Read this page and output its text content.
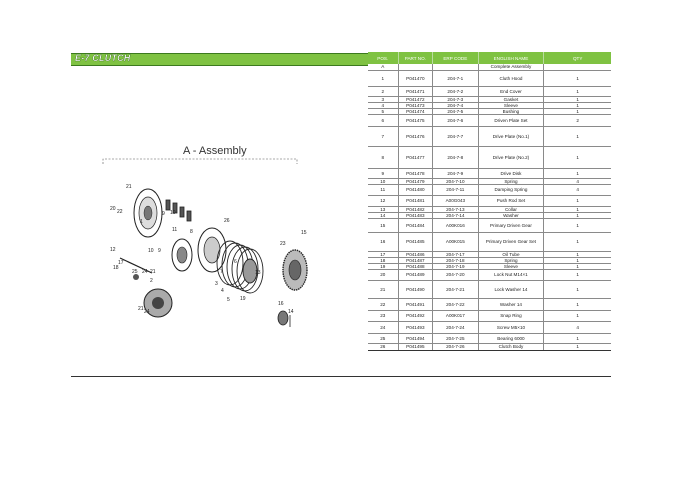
E-7 CLUTCH
A - Assembly
21
20 22
1
9 10
11	8
10 9
26
23
15
12
17
18
25 24 21	7
6
2	3
4
5 19
13
16
14
24
21
POS.	PART NO.	ERP CODE	ENGLISH NAME	QTY
A			Complete Assembly	
1	P041470	204-7-1	Cluth Hood	1
2	P041471	204-7-2	End Cover	1
3	P041472	204-7-3	Gasket	1
4	P041473	204-7-4	Sleeve	1
5	P041474	204-7-5	Bushing	1
6	P041475	204-7-6	Driven Plate Set	2
7	P041476	204-7-7	Drive Plate (No.1)	1
8	P041477	204-7-8	Drive Plate (No.2)	1
9	P041478	204-7-9	Drive Disk	1
10	P041479	204-7-10	Spring	4
11	P041480	204-7-11	Damping Spring	4
12	P041481	A00G043	Push Rod Set	1
13	P041482	204-7-13	Collar	1
14	P041483	204-7-14	Washer	1
15	P041484	A00K016	Primary Driven Gear	1
16	P041485	A00K015	Primary Driven Gear Set	1
17	P041486	204-7-17	Oil Tube	1
18	P041487	204-7-18	Spring	1
19	P041488	204-7-19	Sleeve	1
20	P041489	204-7-20	Lock Nut M14×1	1
21	P041490	204-7-21	Lock Washer 14	1
22	P041491	204-7-22	Washer 14	1
23	P041492	A00K017	Snap Ring	1
24	P041493	204-7-24	Screw M5×10	4
25	P041494	204-7-25	Bearing 6000	1
26	P041495	204-7-26	Clutch Body	1
